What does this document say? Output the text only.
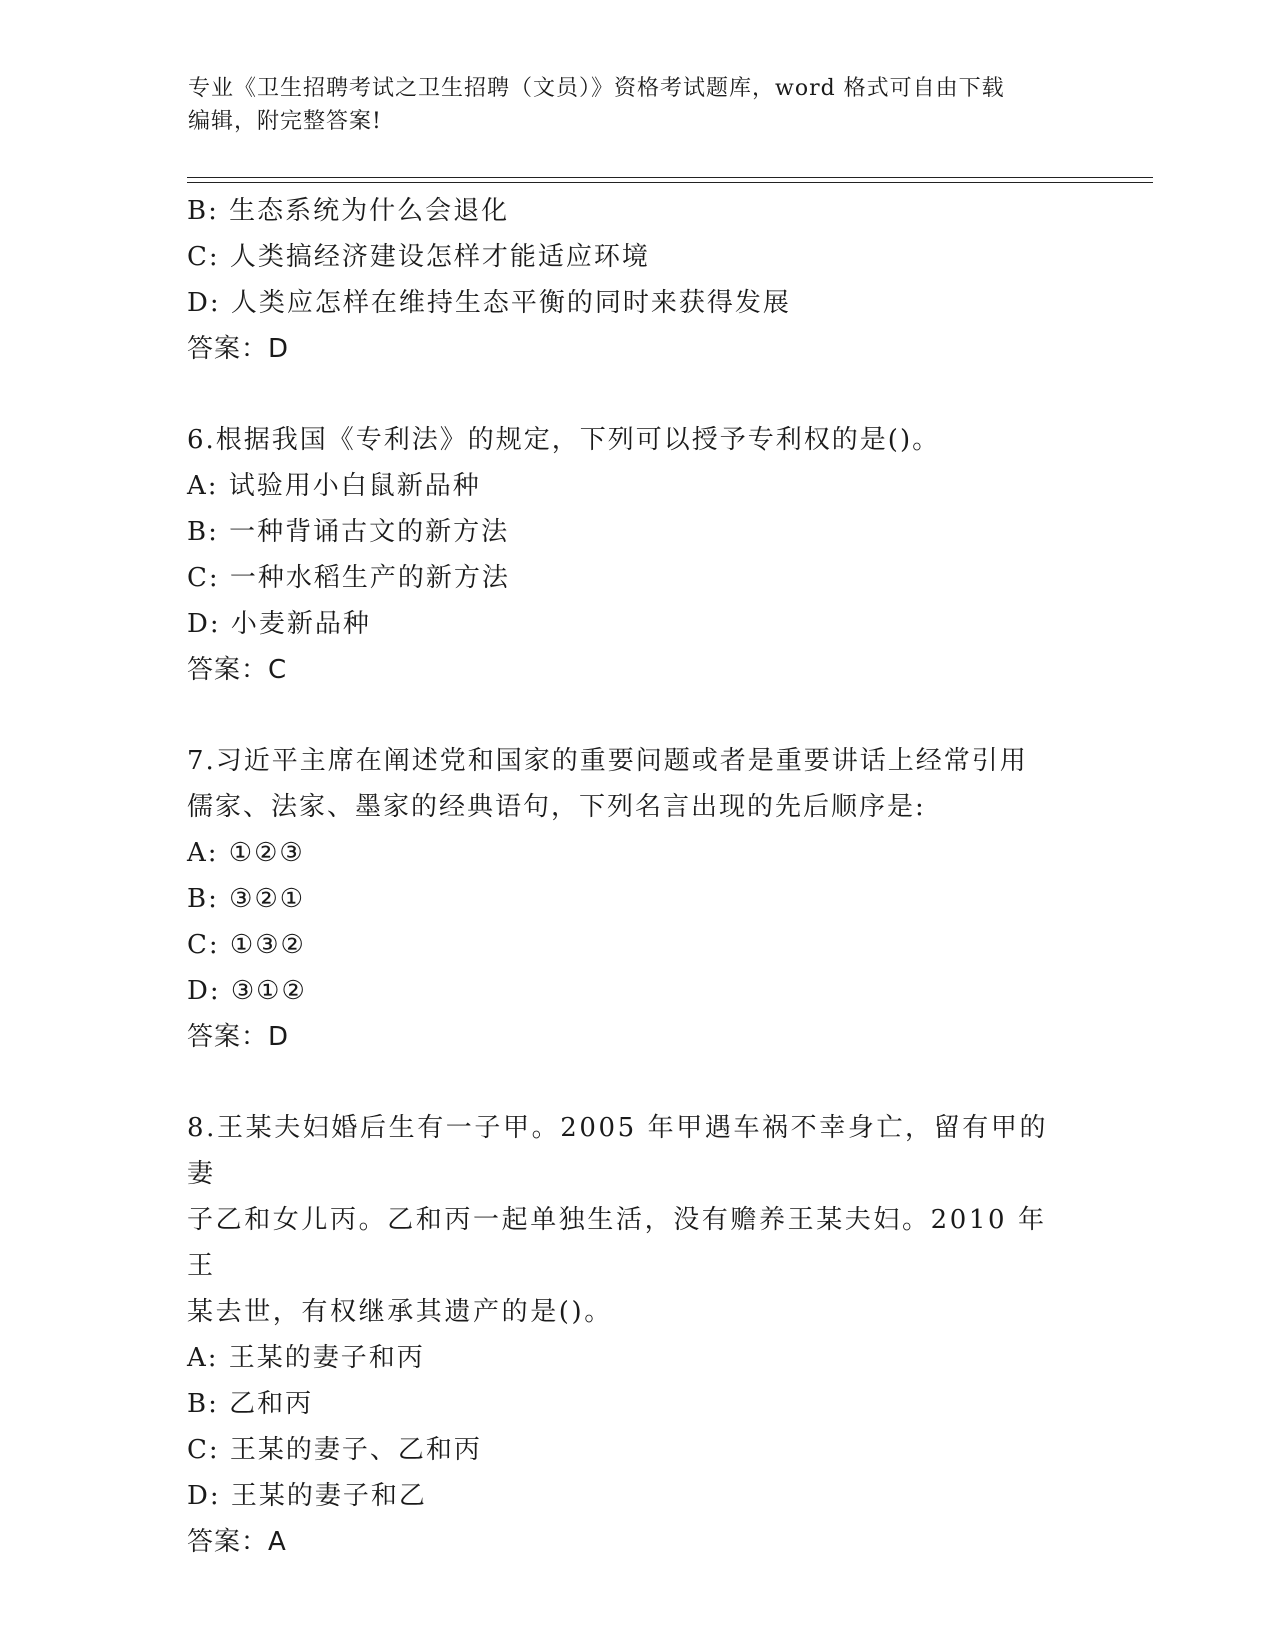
专业《卫生招聘考试之卫生招聘（文员）》资格考试题库，word 格式可自由下载
编辑，附完整答案!
B: 生态系统为什么会退化
C: 人类搞经济建设怎样才能适应环境
D: 人类应怎样在维持生态平衡的同时来获得发展
答案：D
6.根据我国《专利法》的规定，下列可以授予专利权的是()。
A: 试验用小白鼠新品种
B: 一种背诵古文的新方法
C: 一种水稻生产的新方法
D: 小麦新品种
答案：C
7.习近平主席在阐述党和国家的重要问题或者是重要讲话上经常引用
儒家、法家、墨家的经典语句，下列名言出现的先后顺序是:
A: ①②③
B: ③②①
C: ①③②
D: ③①②
答案：D
8.王某夫妇婚后生有一子甲。2005 年甲遇车祸不幸身亡，留有甲的妻
子乙和女儿丙。乙和丙一起单独生活，没有赡养王某夫妇。2010 年王
某去世，有权继承其遗产的是()。
A: 王某的妻子和丙
B: 乙和丙
C: 王某的妻子、乙和丙
D: 王某的妻子和乙
答案：A
